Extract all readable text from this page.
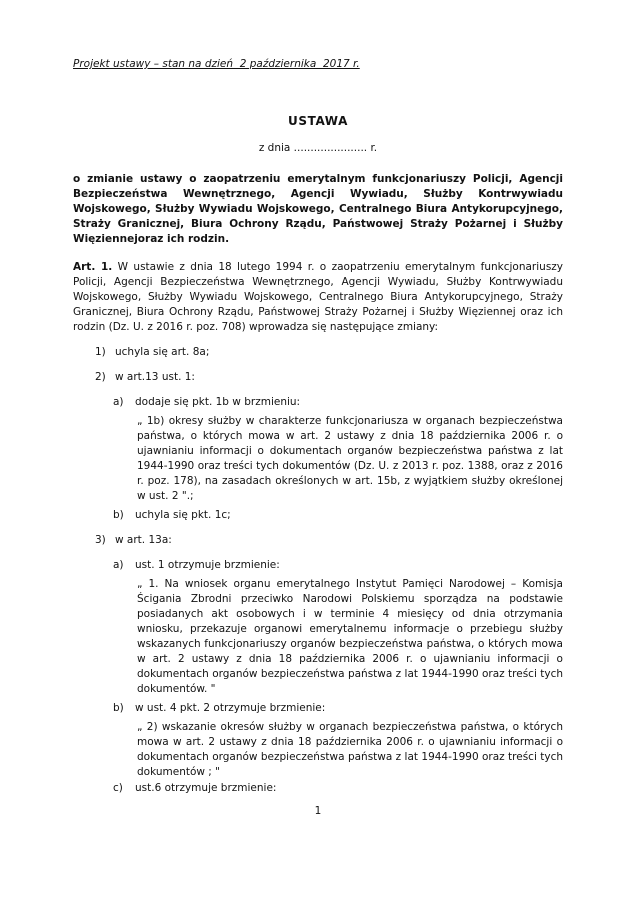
Projekt ustawy – stan na dzień  2 października  2017 r.
USTAWA
z dnia ...................... r.
o zmianie ustawy o zaopatrzeniu emerytalnym funkcjonariuszy Policji, Agencji Bezpieczeństwa Wewnętrznego, Agencji Wywiadu, Służby Kontrwywiadu Wojskowego, Służby Wywiadu Wojskowego, Centralnego Biura Antykorupcyjnego, Straży Granicznej, Biura Ochrony Rządu, Państwowej Straży Pożarnej i Służby Więziennejoraz ich rodzin.
Art. 1. W ustawie z dnia 18 lutego 1994 r. o zaopatrzeniu emerytalnym funkcjonariuszy Policji, Agencji Bezpieczeństwa Wewnętrznego, Agencji Wywiadu, Służby Kontrwywiadu Wojskowego, Służby Wywiadu Wojskowego, Centralnego Biura Antykorupcyjnego, Straży Granicznej, Biura Ochrony Rządu, Państwowej Straży Pożarnej i Służby Więziennej oraz ich rodzin (Dz. U. z 2016 r. poz. 708) wprowadza się następujące zmiany:
1) uchyla się art. 8a;
2) w art.13 ust. 1:
a)	dodaje się pkt. 1b w brzmieniu:
„ 1b) okresy służby w charakterze funkcjonariusza w organach bezpieczeństwa państwa, o których mowa w art. 2 ustawy z dnia 18 października 2006 r. o ujawnianiu informacji o dokumentach organów bezpieczeństwa państwa z lat 1944-1990 oraz treści tych dokumentów (Dz. U. z 2013 r. poz. 1388, oraz z 2016 r. poz. 178), na zasadach określonych w art. 15b, z wyjątkiem służby określonej w ust. 2 ".;
b)	uchyla się pkt. 1c;
3) w art. 13a:
a)	ust. 1 otrzymuje brzmienie:
„ 1. Na wniosek organu emerytalnego Instytut Pamięci Narodowej – Komisja Ścigania Zbrodni przeciwko Narodowi Polskiemu sporządza na podstawie posiadanych akt osobowych i w terminie 4 miesięcy od dnia otrzymania wniosku, przekazuje organowi emerytalnemu informacje o przebiegu służby wskazanych funkcjonariuszy organów bezpieczeństwa państwa, o których mowa w art. 2 ustawy z dnia 18 października 2006 r. o ujawnianiu informacji o dokumentach organów bezpieczeństwa państwa z lat 1944-1990 oraz treści tych dokumentów. "
b)	w ust. 4 pkt. 2 otrzymuje brzmienie:
„ 2) wskazanie okresów służby w organach bezpieczeństwa państwa, o których mowa w art. 2 ustawy z dnia 18 października 2006 r. o ujawnianiu informacji o dokumentach organów bezpieczeństwa państwa z lat 1944-1990 oraz treści tych dokumentów ; "
c)	ust.6 otrzymuje brzmienie:
1
